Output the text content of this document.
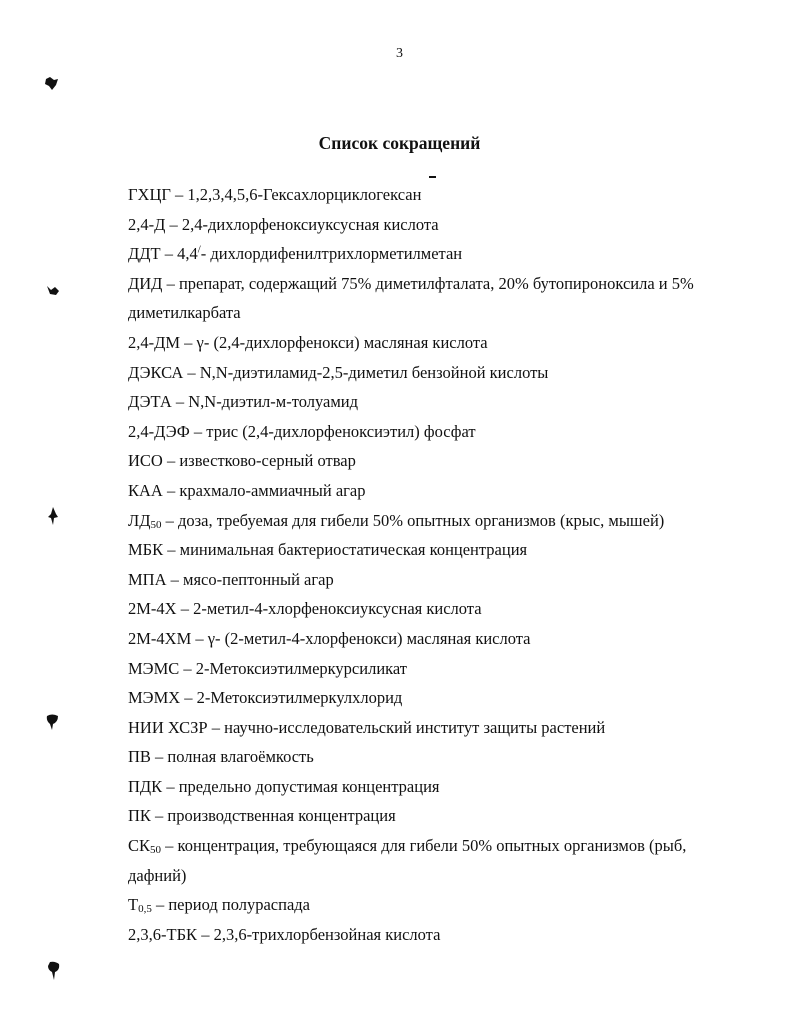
3
Список сокращений

ГХЦГ – 1,2,3,4,5,6-Гексахлорциклогексан

2,4-Д – 2,4-дихлорфеноксиуксусная кислота

ДДТ – 4,4/- дихлордифенилтрихлорметилметан

ДИД – препарат, содержащий 75% диметилфталата, 20% бутопироноксила и 5% диметилкарбата

2,4-ДМ – γ- (2,4-дихлорфенокси) масляная кислота

ДЭКСА – N,N-диэтиламид-2,5-диметил бензойной кислоты

ДЭТА – N,N-диэтил-м-толуамид

2,4-ДЭФ – трис (2,4-дихлорфеноксиэтил) фосфат

ИСО – известково-серный отвар

КАА – крахмало-аммиачный агар

$ЛД_{50}$ – доза, требуемая для гибели 50% опытных организмов (крыс, мышей)

МБК – минимальная бактериостатическая концентрация

МПА – мясо-пептонный агар

2М-4Х – 2-метил-4-хлорфеноксиуксусная кислота

2М-4ХМ – γ- (2-метил-4-хлорфенокси) масляная кислота

МЭМС – 2-Метоксиэтилмеркурсиликат

МЭМХ – 2-Метоксиэтилмеркулхлорид

НИИ ХСЗР – научно-исследовательский институт защиты растений

ПВ – полная влагоёмкость

ПДК – предельно допустимая концентрация

ПК – производственная концентрация

$СК_{50}$ – концентрация, требующаяся для гибели 50% опытных организмов (рыб, дафний)

$Т_{0,5}$ – период полураспада

2,3,6-ТБК – 2,3,6-трихлорбензойная кислота
